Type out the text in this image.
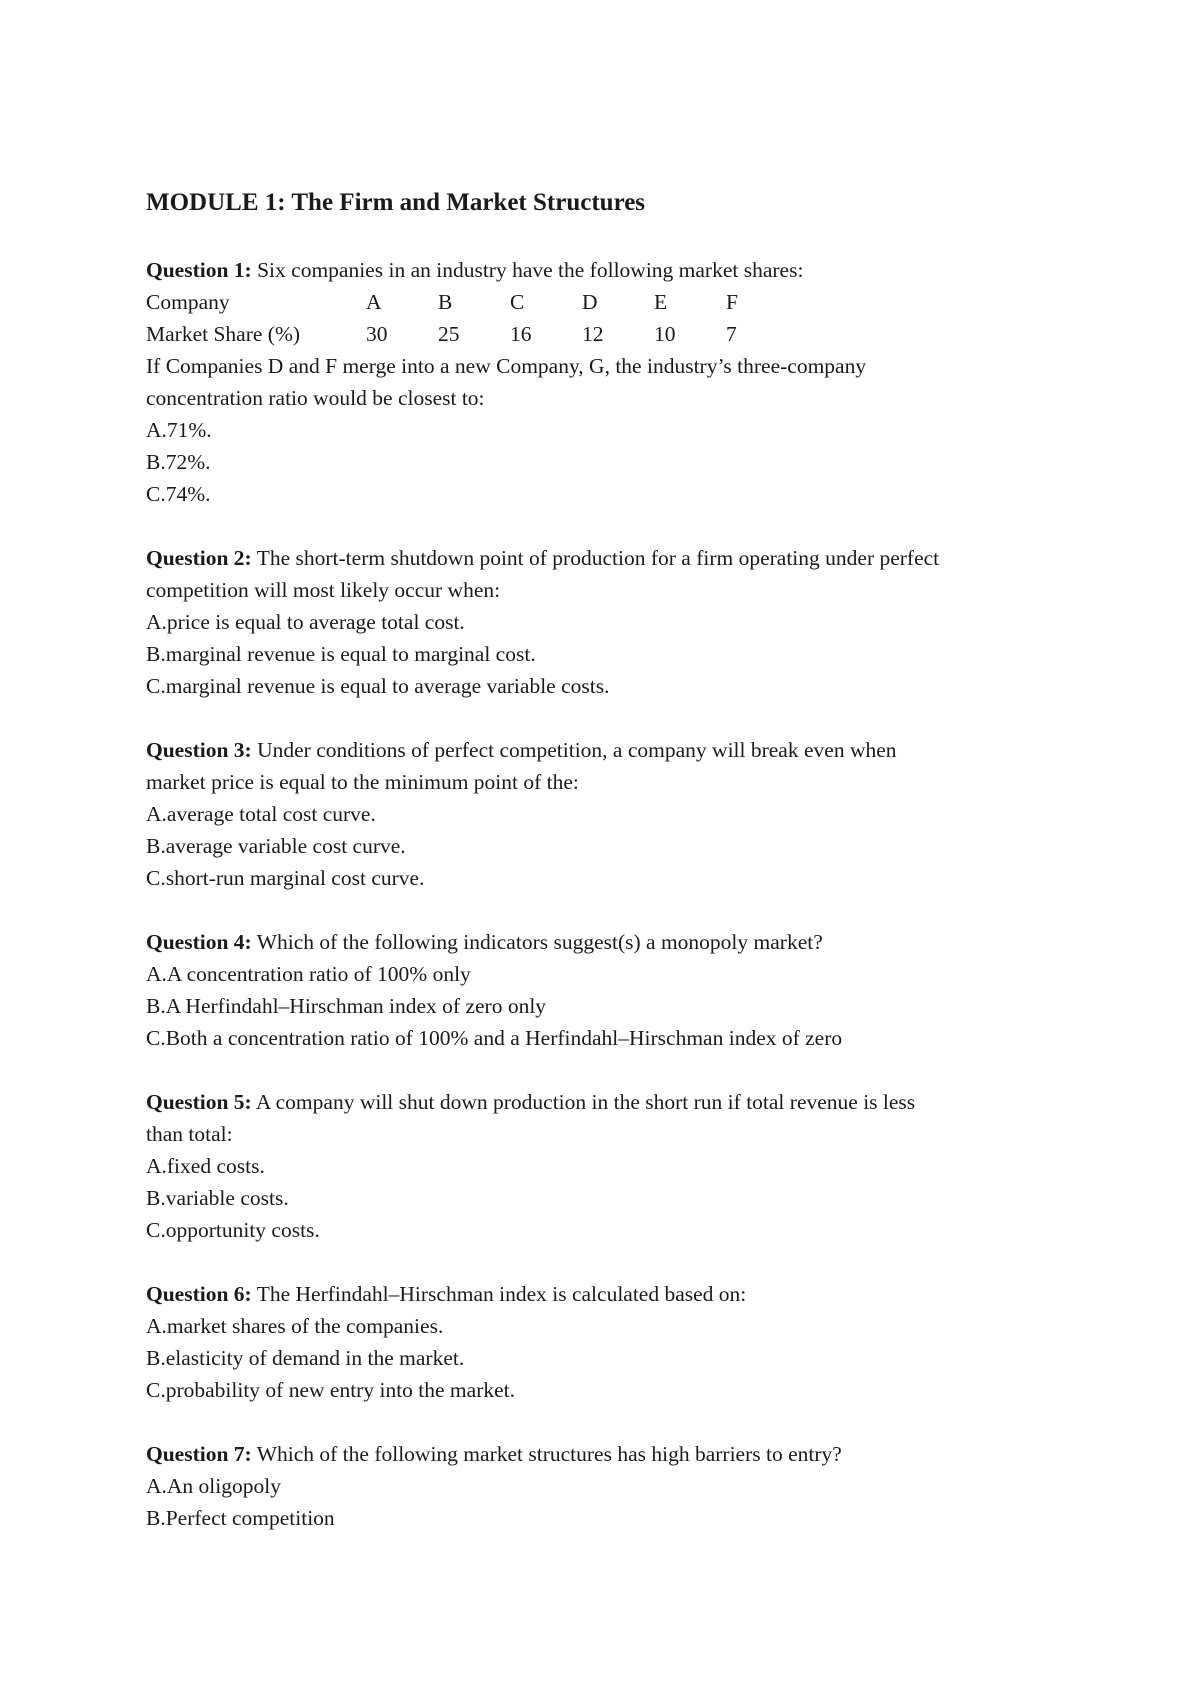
MODULE 1: The Firm and Market Structures
Question 1: Six companies in an industry have the following market shares:
Company	A	B	C	D	E	F
Market Share (%)	30	25	16	12	10	7
If Companies D and F merge into a new Company, G, the industry’s three-company
concentration ratio would be closest to:
A.71%.
B.72%.
C.74%.
Question 2: The short-term shutdown point of production for a firm operating under perfect
competition will most likely occur when:
A.price is equal to average total cost.
B.marginal revenue is equal to marginal cost.
C.marginal revenue is equal to average variable costs.
Question 3: Under conditions of perfect competition, a company will break even when
market price is equal to the minimum point of the:
A.average total cost curve.
B.average variable cost curve.
C.short-run marginal cost curve.
Question 4: Which of the following indicators suggest(s) a monopoly market?
A.A concentration ratio of 100% only
B.A Herfindahl–Hirschman index of zero only
C.Both a concentration ratio of 100% and a Herfindahl–Hirschman index of zero
Question 5: A company will shut down production in the short run if total revenue is less
than total:
A.fixed costs.
B.variable costs.
C.opportunity costs.
Question 6: The Herfindahl–Hirschman index is calculated based on:
A.market shares of the companies.
B.elasticity of demand in the market.
C.probability of new entry into the market.
Question 7: Which of the following market structures has high barriers to entry?
A.An oligopoly
B.Perfect competition
